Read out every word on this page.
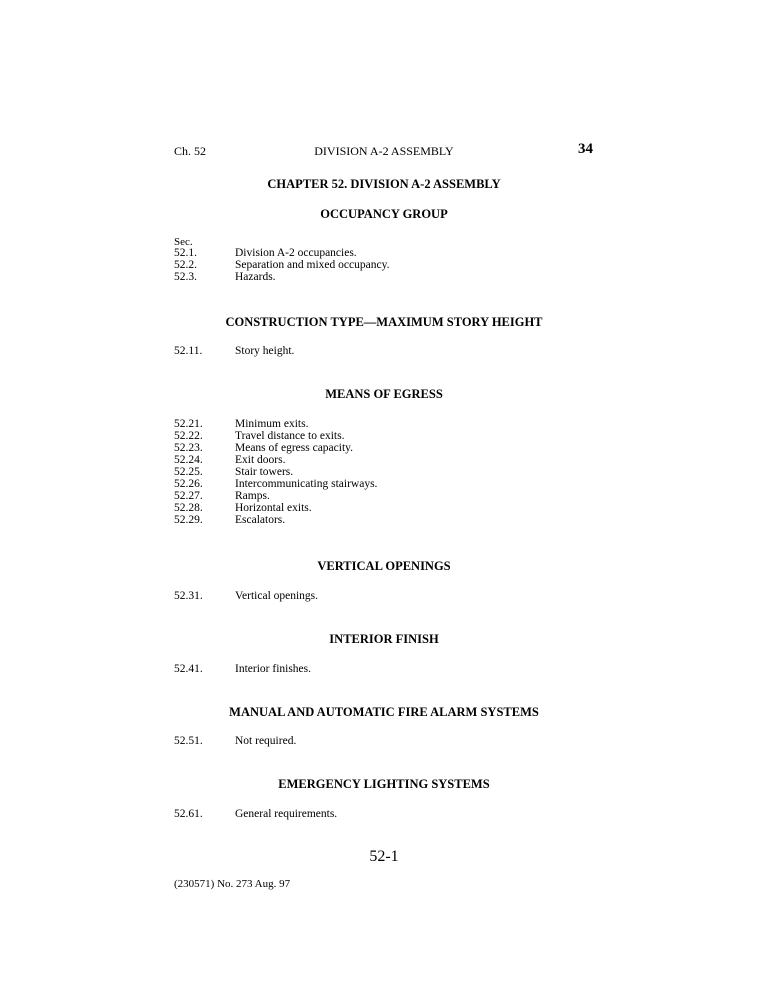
Ch. 52	DIVISION A-2 ASSEMBLY	34
CHAPTER 52. DIVISION A-2 ASSEMBLY
OCCUPANCY GROUP
Sec.
52.1.	Division A-2 occupancies.
52.2.	Separation and mixed occupancy.
52.3.	Hazards.
CONSTRUCTION TYPE—MAXIMUM STORY HEIGHT
52.11.	Story height.
MEANS OF EGRESS
52.21.	Minimum exits.
52.22.	Travel distance to exits.
52.23.	Means of egress capacity.
52.24.	Exit doors.
52.25.	Stair towers.
52.26.	Intercommunicating stairways.
52.27.	Ramps.
52.28.	Horizontal exits.
52.29.	Escalators.
VERTICAL OPENINGS
52.31.	Vertical openings.
INTERIOR FINISH
52.41.	Interior finishes.
MANUAL AND AUTOMATIC FIRE ALARM SYSTEMS
52.51.	Not required.
EMERGENCY LIGHTING SYSTEMS
52.61.	General requirements.
52-1
(230571) No. 273 Aug. 97
